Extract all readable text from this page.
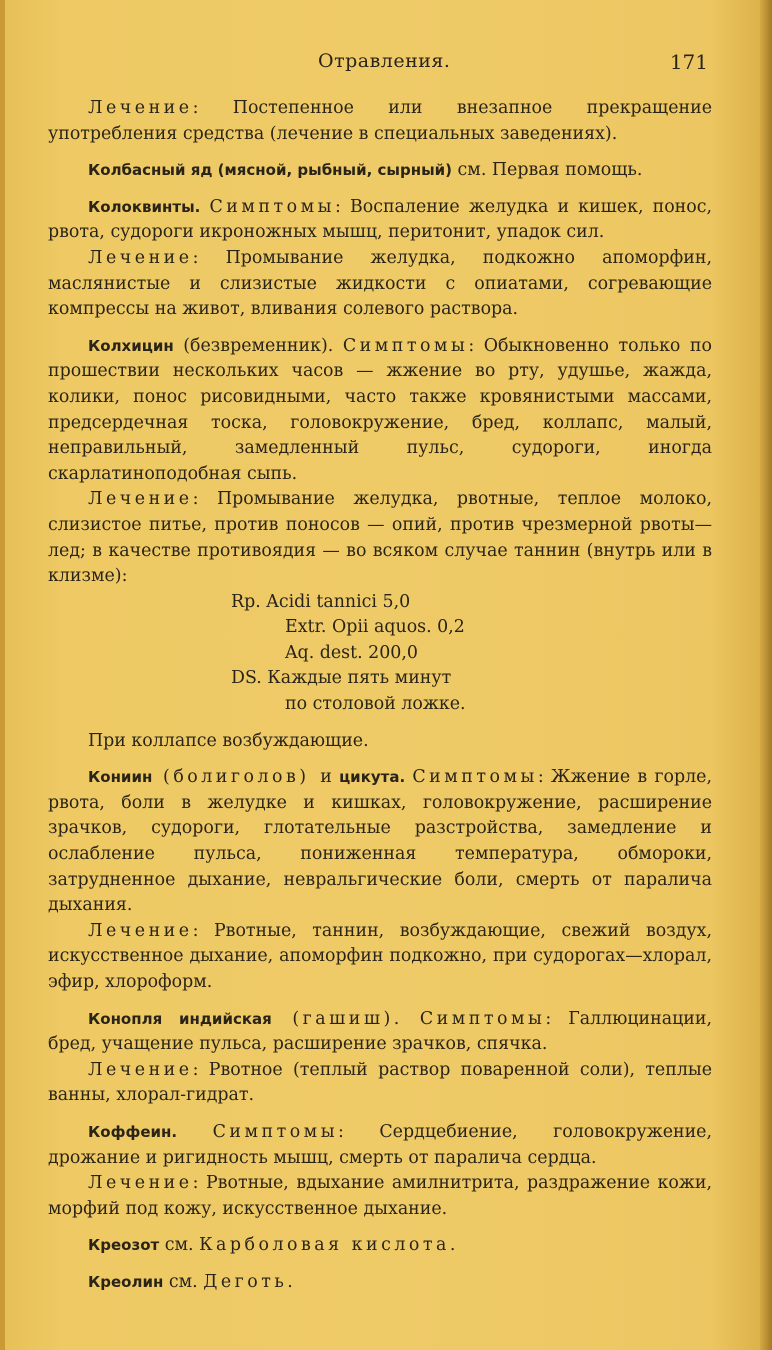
Отравления.	171

Лечение: Постепенное или внезапное прекращение употребления средства (лечение в специальных заведениях).

Колбасный яд (мясной, рыбный, сырный) см. Первая помощь.

Колоквинты. Симптомы: Воспаление желудка и кишек, понос, рвота, судороги икроножных мышц, перитонит, упадок сил.

Лечение: Промывание желудка, подкожно апоморфин, маслянистые и слизистые жидкости с опиатами, согревающие компрессы на живот, вливания солевого раствора.

Колхицин (безвременник). Симптомы: Обыкновенно только по прошествии нескольких часов — жжение во рту, удушье, жажда, колики, понос рисовидными, часто также кровянистыми массами, предсердечная тоска, головокружение, бред, коллапс, малый, неправильный, замедленный пульс, судороги, иногда скарлатиноподобная сыпь.

Лечение: Промывание желудка, рвотные, теплое молоко, слизистое питье, против поносов — опий, против чрезмерной рвоты—лед; в качестве противоядия — во всяком случае таннин (внутрь или в клизме):

Rp. Acidi tannici 5,0
Extr. Opii aquos. 0,2
Aq. dest. 200,0
DS. Каждые пять минут
по столовой ложке.

При коллапсе возбуждающие.

Кониин (болиголов) и цикута. Симптомы: Жжение в горле, рвота, боли в желудке и кишках, головокружение, расширение зрачков, судороги, глотательные разстройства, замедление и ослабление пульса, пониженная температура, обмороки, затрудненное дыхание, невральгические боли, смерть от паралича дыхания.

Лечение: Рвотные, таннин, возбуждающие, свежий воздух, искусственное дыхание, апоморфин подкожно, при судорогах—хлорал, эфир, хлороформ.

Конопля индийская (гашиш). Симптомы: Галлюцинации, бред, учащение пульса, расширение зрачков, спячка.

Лечение: Рвотное (теплый раствор поваренной соли), теплые ванны, хлорал-гидрат.

Коффеин. Симптомы: Сердцебиение, головокружение, дрожание и ригидность мышц, смерть от паралича сердца.

Лечение: Рвотные, вдыхание амилнитрита, раздражение кожи, морфий под кожу, искусственное дыхание.

Креозот см. Карболовая кислота.

Креолин см. Деготь.
